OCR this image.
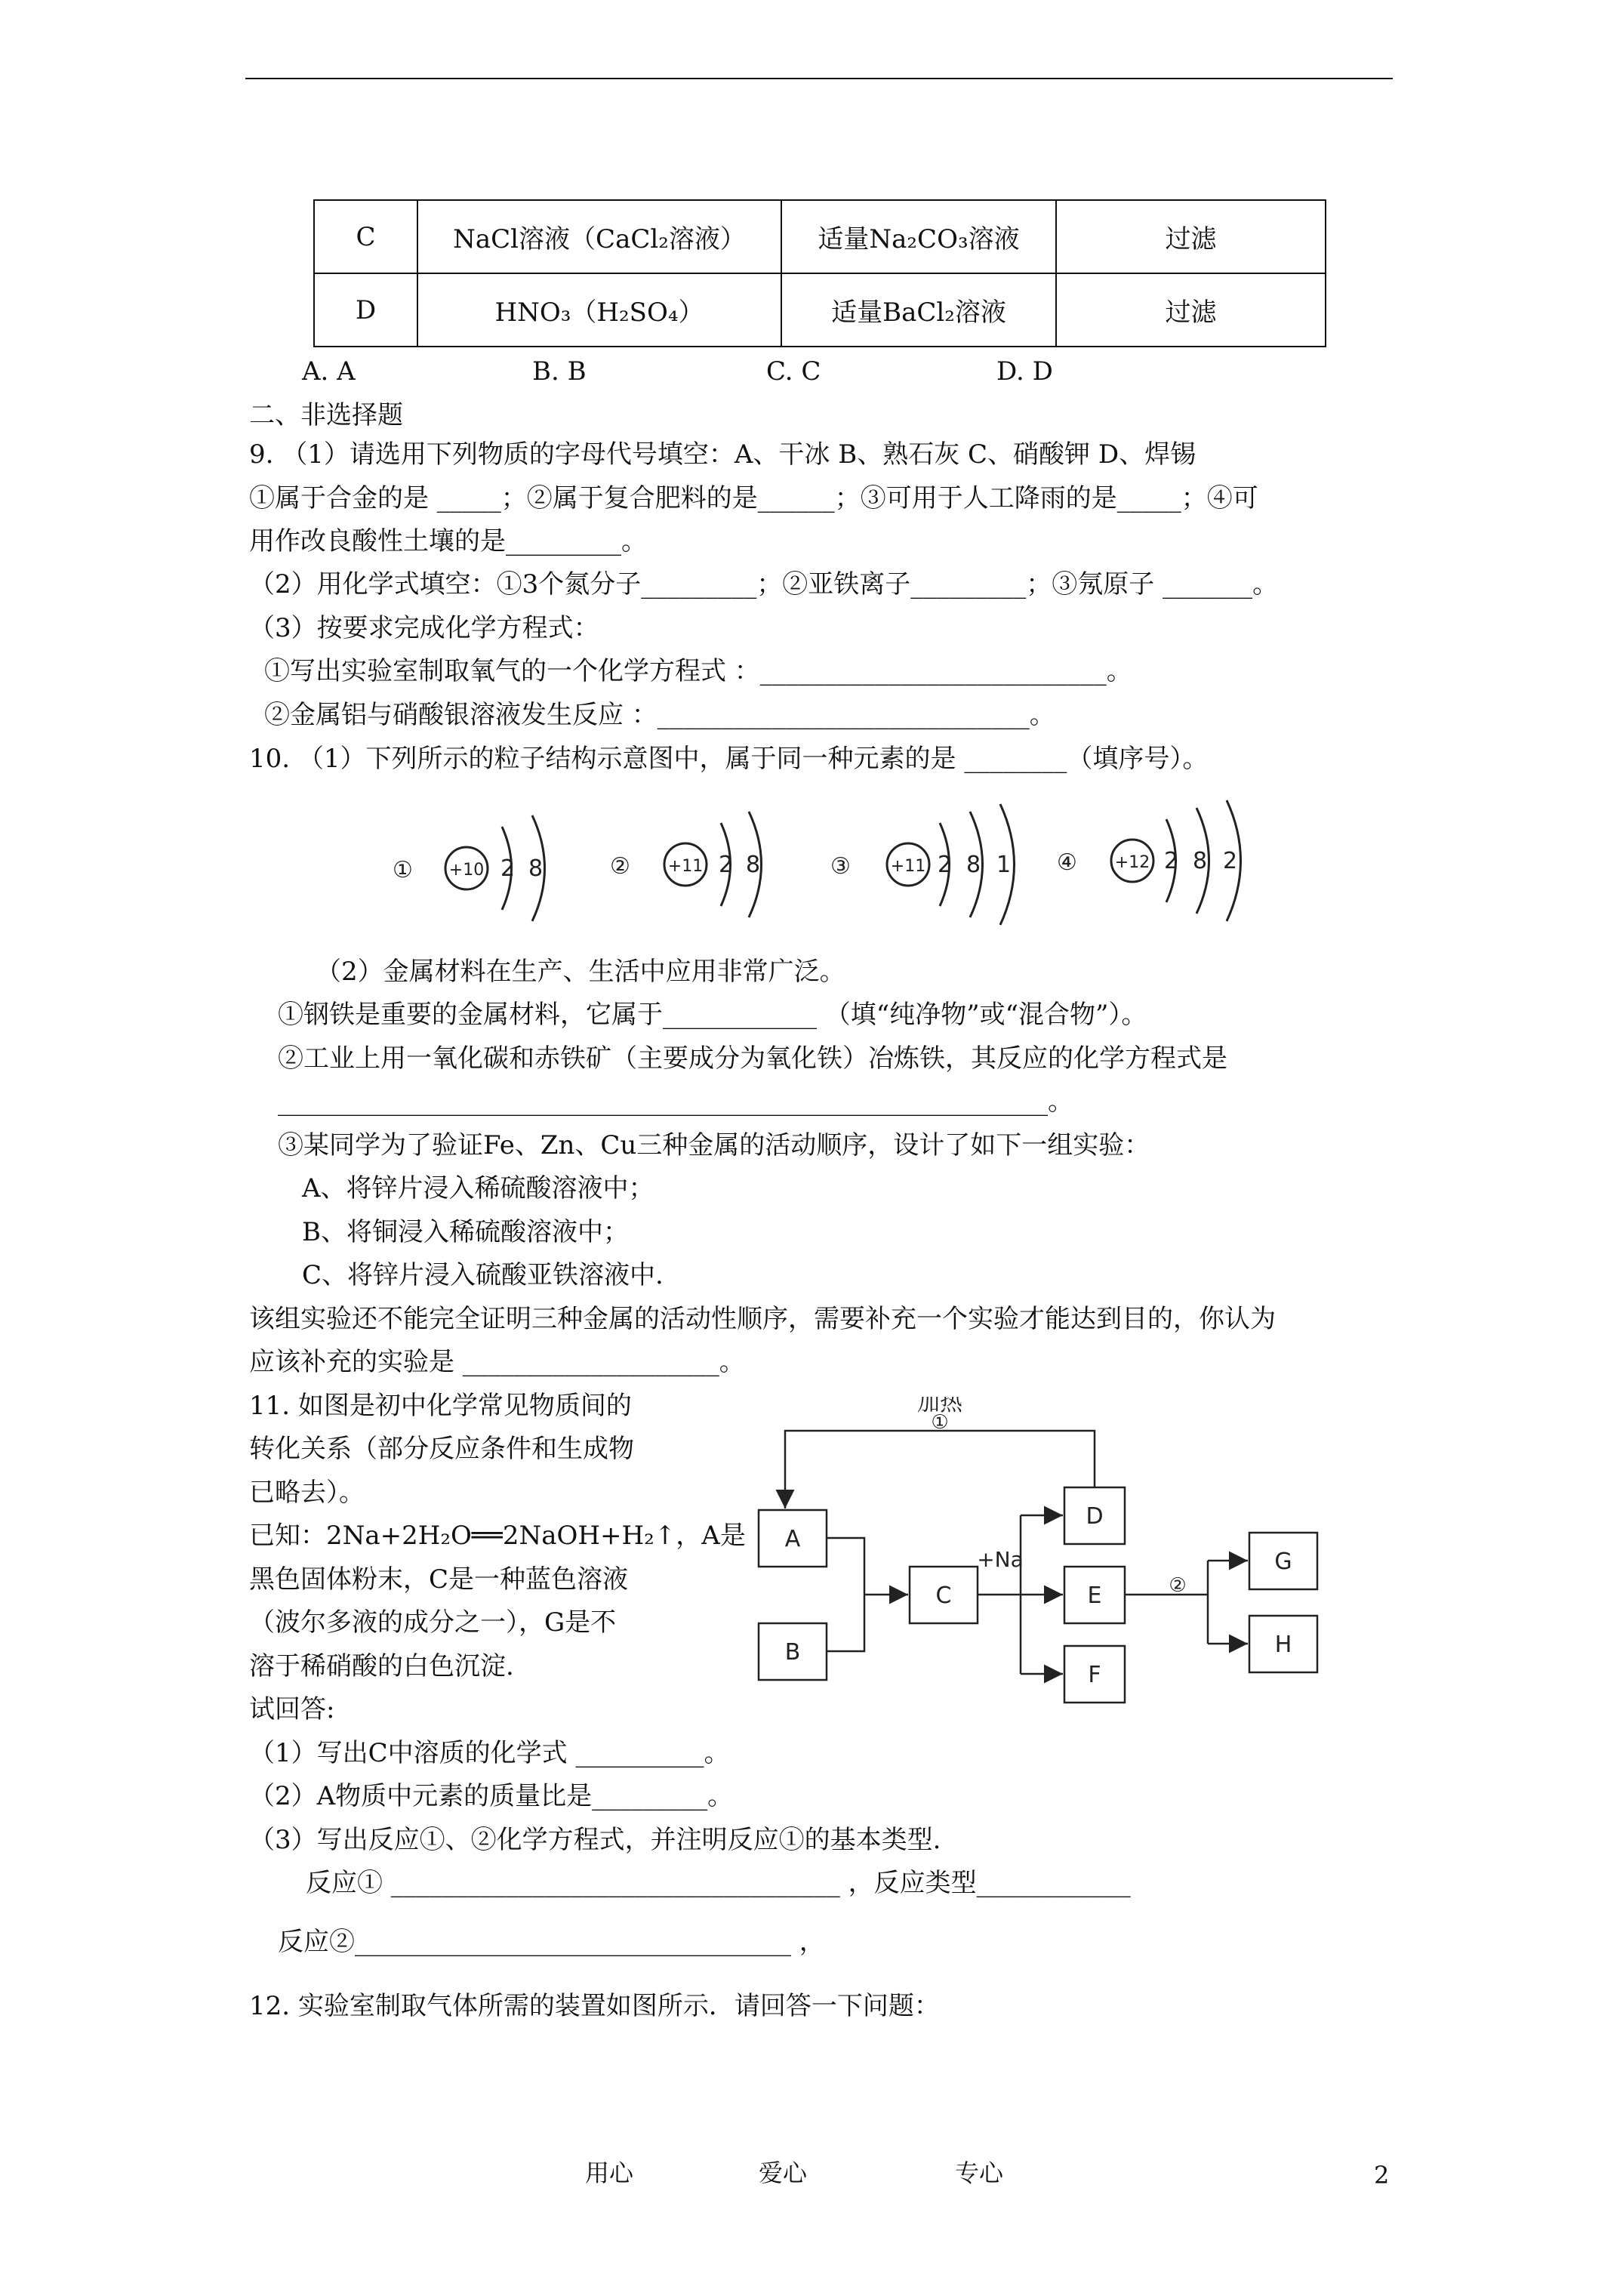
C	NaCl溶液（CaCl₂溶液）	适量Na₂CO₃溶液	过滤
D	HNO₃（H₂SO₄）	适量BaCl₂溶液	过滤
A. A	B. B	C. C	D. D
二、非选择题
9. （1）请选用下列物质的字母代号填空：A、干冰 B、熟石灰 C、硝酸钾 D、焊锡
①属于合金的是 _____；②属于复合肥料的是______；③可用于人工降雨的是_____；④可
用作改良酸性土壤的是_________。
（2）用化学式填空：①3个氮分子_________；②亚铁离子_________；③氖原子 _______。
（3）按要求完成化学方程式：
①写出实验室制取氧气的一个化学方程式 ：___________________________。
②金属铝与硝酸银溶液发生反应 ：_____________________________。
10. （1）下列所示的粒子结构示意图中，属于同一种元素的是 ________（填序号）。
① +10 2 8	② +11 2 8	③ +11 2 8 1 ④ +12 2 8 2
（2）金属材料在生产、生活中应用非常广泛。
①钢铁是重要的金属材料，它属于____________ （填“纯净物”或“混合物”）。
②工业上用一氧化碳和赤铁矿（主要成分为氧化铁）冶炼铁，其反应的化学方程式是
____________________________________________________________。
③某同学为了验证Fe、Zn、Cu三种金属的活动顺序，设计了如下一组实验：
A、将锌片浸入稀硫酸溶液中；
B、将铜浸入稀硫酸溶液中；
C、将锌片浸入硫酸亚铁溶液中.
该组实验还不能完全证明三种金属的活动性顺序，需要补充一个实验才能达到目的，你认为
应该补充的实验是 ____________________。
11. 如图是初中化学常见物质间的
转化关系（部分反应条件和生成物
已略去）。
已知：2Na+2H₂O══2NaOH+H₂↑，A是
黑色固体粉末，C是一种蓝色溶液
（波尔多液的成分之一），G是不
溶于稀硝酸的白色沉淀.
试回答:
加热
①
+Na
②
A
B
C
D
E
F
G
H
（1）写出C中溶质的化学式 __________。
（2）A物质中元素的质量比是_________。
（3）写出反应①、②化学方程式，并注明反应①的基本类型.
反应① ___________________________________ ，反应类型____________
反应②__________________________________ ，
12. 实验室制取气体所需的装置如图所示．请回答一下问题：
用心	爱心	专心	2
